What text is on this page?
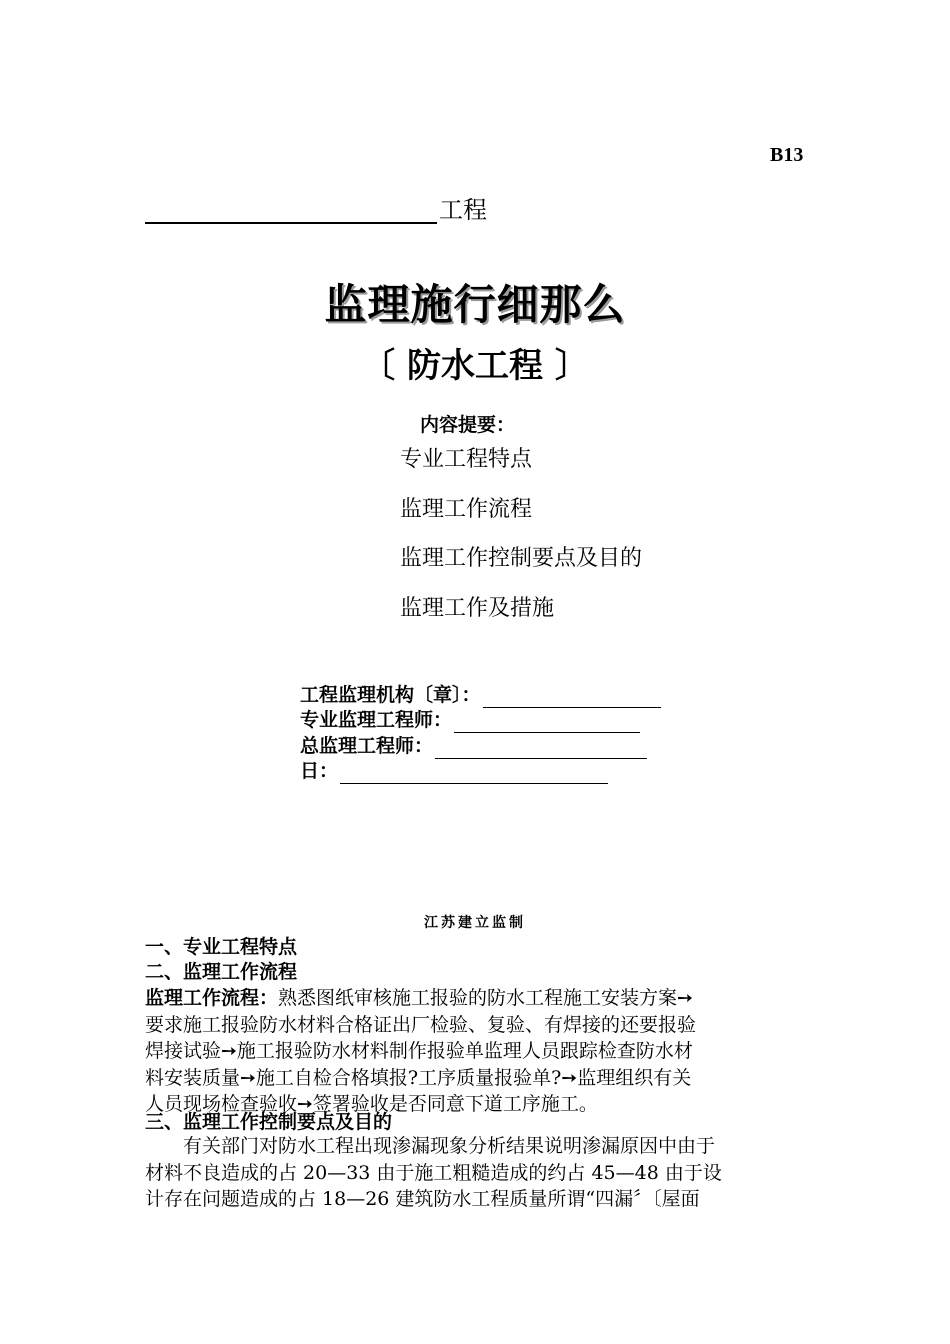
B13
工程
监理施行细那么
〔 防水工程 〕
内容提要：
专业工程特点
监理工作流程
监理工作控制要点及目的
监理工作及措施
工程监理机构〔章〕：
专业监理工程师：
总监理工程师：
日：
江苏建立监制
一、专业工程特点
二、监理工作流程
监理工作流程：熟悉图纸审核施工报验的防水工程施工安装方案➙
要求施工报验防水材料合格证出厂检验、复验、有焊接的还要报验
焊接试验➙施工报验防水材料制作报验单监理人员跟踪检查防水材
料安装质量➙施工自检合格填报?工序质量报验单?➙监理组织有关
人员现场检查验收➙签署验收是否同意下道工序施工。
三、监理工作控制要点及目的
有关部门对防水工程出现渗漏现象分析结果说明渗漏原因中由于
材料不良造成的占 20—33 由于施工粗糙造成的约占 45—48 由于设
计存在问题造成的占 18—26 建筑防水工程质量所谓“四漏〞〔屋面
